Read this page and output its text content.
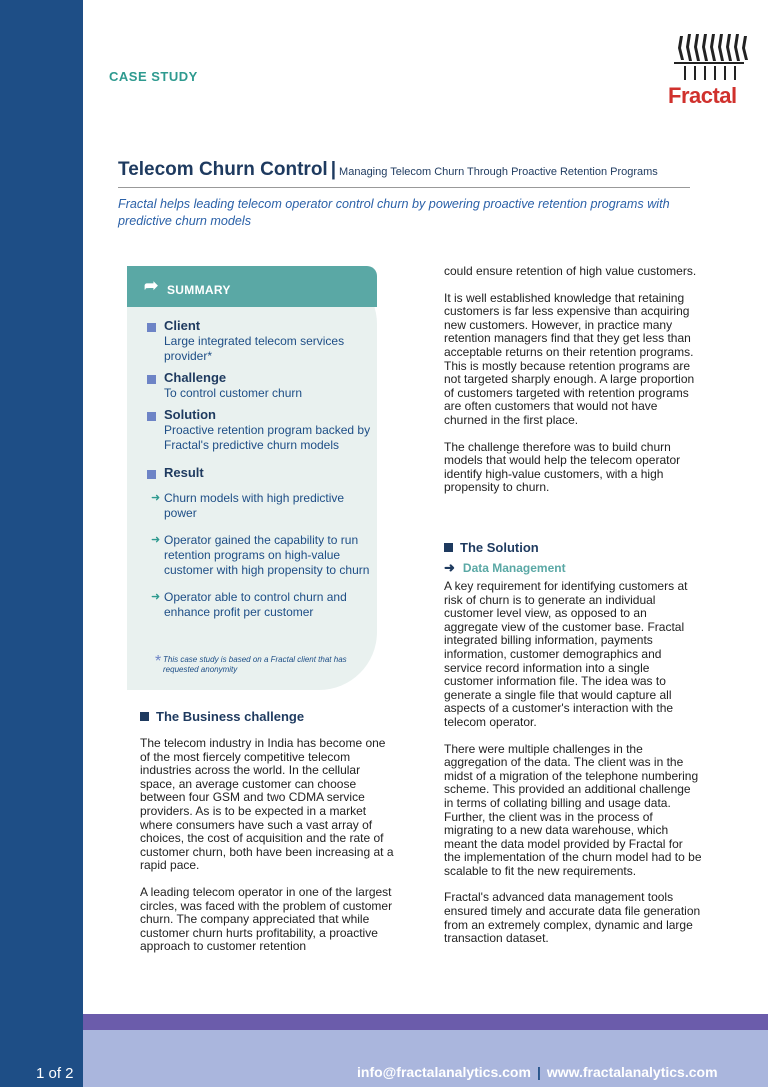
CASE STUDY
Fractal
Telecom Churn Control | Managing Telecom Churn Through Proactive Retention Programs
Fractal helps leading telecom operator control churn by powering proactive retention programs with predictive churn models
➦ SUMMARY
Client
Large integrated telecom services provider*
Challenge
To control customer churn
Solution
Proactive retention program backed by Fractal's predictive churn models
Result
➜ Churn models with high predictive power
➜ Operator gained the capability to run retention programs on high-value customer with high propensity to churn
➜ Operator able to control churn and enhance profit per customer
* This case study is based on a Fractal client that has requested anonymity
The Business challenge

The telecom industry in India has become one of the most fiercely competitive telecom industries across the world. In the cellular space, an average customer can choose between four GSM and two CDMA service providers. As is to be expected in a market where consumers have such a vast array of choices, the cost of acquisition and the rate of customer churn, both have been increasing at a rapid pace.

A leading telecom operator in one of the largest circles, was faced with the problem of customer churn. The company appreciated that while customer churn hurts profitability, a proactive approach to customer retention

could ensure retention of high value customers.

It is well established knowledge that retaining customers is far less expensive than acquiring new customers. However, in practice many retention managers find that they get less than acceptable returns on their retention programs. This is mostly because retention programs are not targeted sharply enough. A large proportion of customers targeted with retention programs are often customers that would not have churned in the first place.

The challenge therefore was to build churn models that would help the telecom operator identify high-value customers, with a high propensity to churn.

The Solution
➜ Data Management

A key requirement for identifying customers at risk of churn is to generate an individual customer level view, as opposed to an aggregate view of the customer base. Fractal integrated billing information, payments information, customer demographics and service record information into a single customer information file. The idea was to generate a single file that would capture all aspects of a customer's interaction with the telecom operator.

There were multiple challenges in the aggregation of the data. The client was in the midst of a migration of the telephone numbering scheme. This provided an additional challenge in terms of collating billing and usage data. Further, the client was in the process of migrating to a new data warehouse, which meant the data model provided by Fractal for the implementation of the churn model had to be scalable to fit the new requirements.

Fractal's advanced data management tools ensured timely and accurate data file generation from an extremely complex, dynamic and large transaction dataset.

1 of 2	info@fractalanalytics.com | www.fractalanalytics.com
